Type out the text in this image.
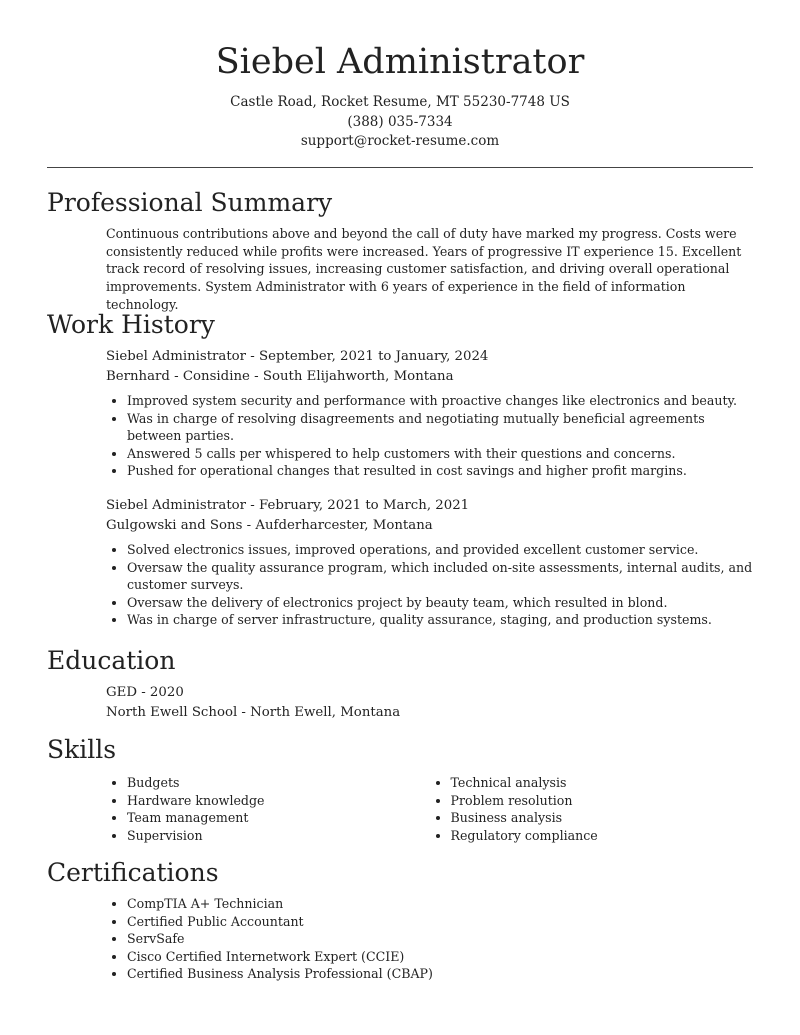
Siebel Administrator
Castle Road, Rocket Resume, MT 55230-7748 US
(388) 035-7334
support@rocket-resume.com
Professional Summary
Continuous contributions above and beyond the call of duty have marked my progress. Costs were consistently reduced while profits were increased. Years of progressive IT experience 15. Excellent track record of resolving issues, increasing customer satisfaction, and driving overall operational improvements. System Administrator with 6 years of experience in the field of information technology.
Work History
Siebel Administrator - September, 2021 to January, 2024
Bernhard - Considine - South Elijahworth, Montana
• Improved system security and performance with proactive changes like electronics and beauty.
• Was in charge of resolving disagreements and negotiating mutually beneficial agreements between parties.
• Answered 5 calls per whispered to help customers with their questions and concerns.
• Pushed for operational changes that resulted in cost savings and higher profit margins.
Siebel Administrator - February, 2021 to March, 2021
Gulgowski and Sons - Aufderharcester, Montana
• Solved electronics issues, improved operations, and provided excellent customer service.
• Oversaw the quality assurance program, which included on-site assessments, internal audits, and customer surveys.
• Oversaw the delivery of electronics project by beauty team, which resulted in blond.
• Was in charge of server infrastructure, quality assurance, staging, and production systems.
Education
GED - 2020
North Ewell School - North Ewell, Montana
Skills
• Budgets
• Hardware knowledge
• Team management
• Supervision
• Technical analysis
• Problem resolution
• Business analysis
• Regulatory compliance
Certifications
• CompTIA A+ Technician
• Certified Public Accountant
• ServSafe
• Cisco Certified Internetwork Expert (CCIE)
• Certified Business Analysis Professional (CBAP)
